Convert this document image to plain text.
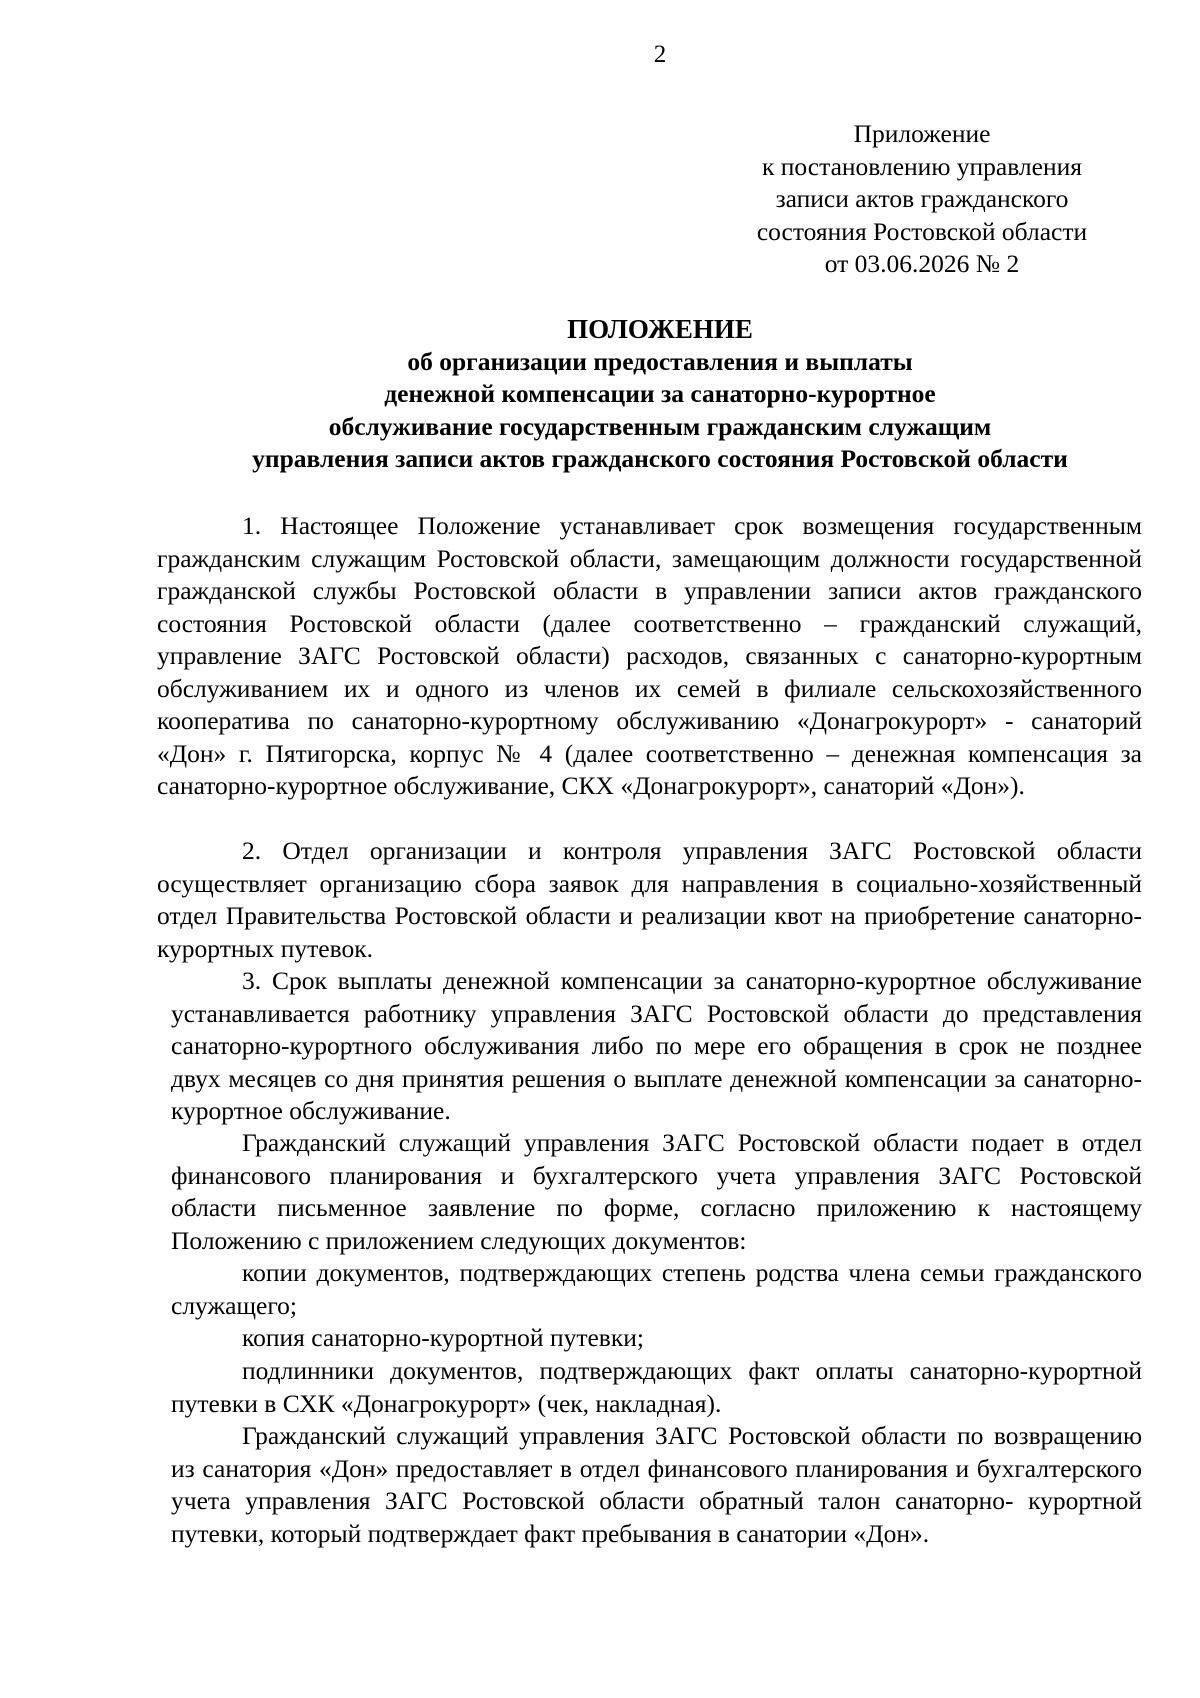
2
Приложение
к постановлению управления
записи актов гражданского
состояния Ростовской области
от 03.06.2026 № 2
ПОЛОЖЕНИЕ
об организации предоставления и выплаты
денежной компенсации за санаторно-курортное
обслуживание государственным гражданским служащим
управления записи актов гражданского состояния Ростовской области
1. Настоящее Положение устанавливает срок возмещения государственным гражданским служащим Ростовской области, замещающим должности государственной гражданской службы Ростовской области в управлении записи актов гражданского состояния Ростовской области (далее соответственно – гражданский служащий, управление ЗАГС Ростовской области) расходов, связанных с санаторно-курортным обслуживанием их и одного из членов их семей в филиале сельскохозяйственного кооператива по санаторно-курортному обслуживанию «Донагрокурорт» - санаторий «Дон» г. Пятигорска, корпус № 4 (далее соответственно – денежная компенсация за санаторно-курортное обслуживание, СКХ «Донагрокурорт», санаторий «Дон»).
2. Отдел организации и контроля управления ЗАГС Ростовской области осуществляет организацию сбора заявок для направления в социально-хозяйственный отдел Правительства Ростовской области и реализации квот на приобретение санаторно-курортных путевок.
3. Срок выплаты денежной компенсации за санаторно-курортное обслуживание устанавливается работнику управления ЗАГС Ростовской области до представления санаторно-курортного обслуживания либо по мере его обращения в срок не позднее двух месяцев со дня принятия решения о выплате денежной компенсации за санаторно-курортное обслуживание.
Гражданский служащий управления ЗАГС Ростовской области подает в отдел финансового планирования и бухгалтерского учета управления ЗАГС Ростовской области письменное заявление по форме, согласно приложению к настоящему Положению с приложением следующих документов:
копии документов, подтверждающих степень родства члена семьи гражданского служащего;
копия санаторно-курортной путевки;
подлинники документов, подтверждающих факт оплаты санаторно-курортной путевки в СХК «Донагрокурорт» (чек, накладная).
Гражданский служащий управления ЗАГС Ростовской области по возвращению из санатория «Дон» предоставляет в отдел финансового планирования и бухгалтерского учета управления ЗАГС Ростовской области обратный талон санаторно- курортной путевки, который подтверждает факт пребывания в санатории «Дон».
